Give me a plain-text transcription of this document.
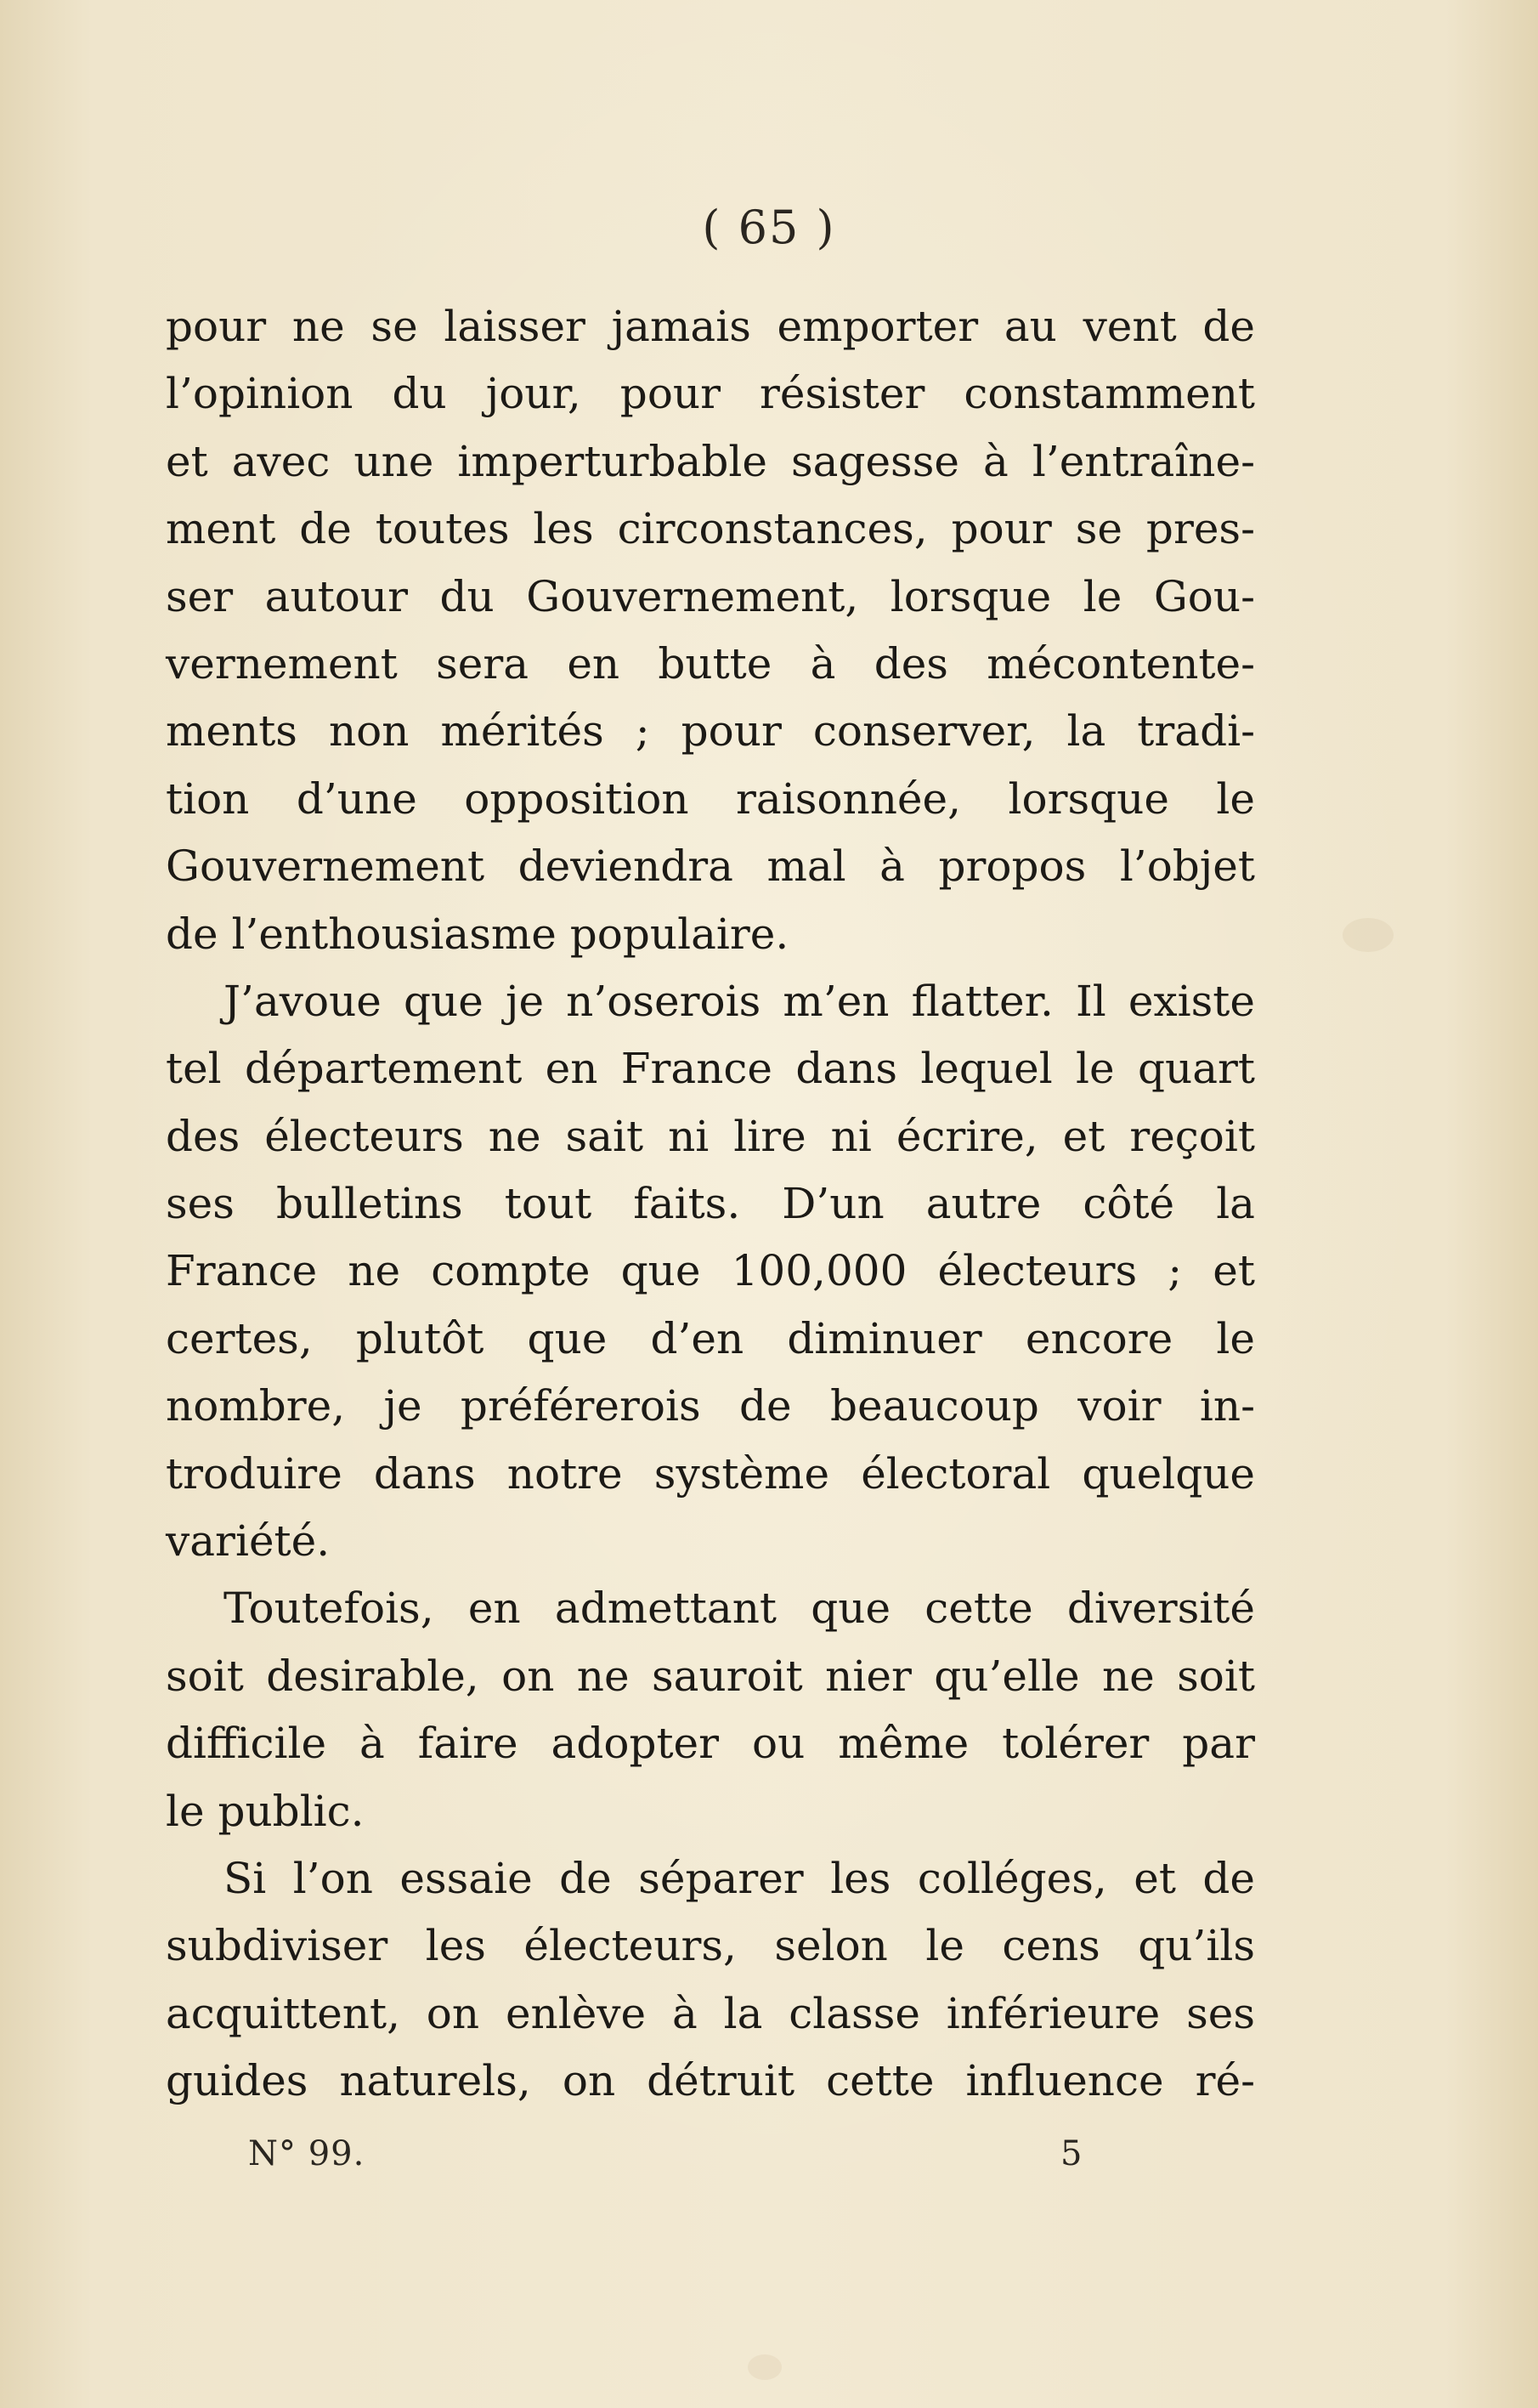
( 65 )
pour ne se laisser jamais emporter au vent de
l’opinion du jour, pour résister constamment
et avec une imperturbable sagesse à l’entraîne-
ment de toutes les circonstances, pour se pres-
ser autour du Gouvernement, lorsque le Gou-
vernement sera en butte à des mécontente-
ments non mérités ; pour conserver, la tradi-
tion d’une opposition raisonnée, lorsque le
Gouvernement deviendra mal à propos l’objet
de l’enthousiasme populaire.
J’avoue que je n’oserois m’en flatter. Il existe
tel département en France dans lequel le quart
des électeurs ne sait ni lire ni écrire, et reçoit
ses bulletins tout faits. D’un autre côté la
France ne compte que 100,000 électeurs ; et
certes, plutôt que d’en diminuer encore le
nombre, je préférerois de beaucoup voir in-
troduire dans notre système électoral quelque
variété.
Toutefois, en admettant que cette diversité
soit desirable, on ne sauroit nier qu’elle ne soit
difficile à faire adopter ou même tolérer par
le public.
Si l’on essaie de séparer les colléges, et de
subdiviser les électeurs, selon le cens qu’ils
acquittent, on enlève à la classe inférieure ses
guides naturels, on détruit cette influence ré-
N° 99.	5
